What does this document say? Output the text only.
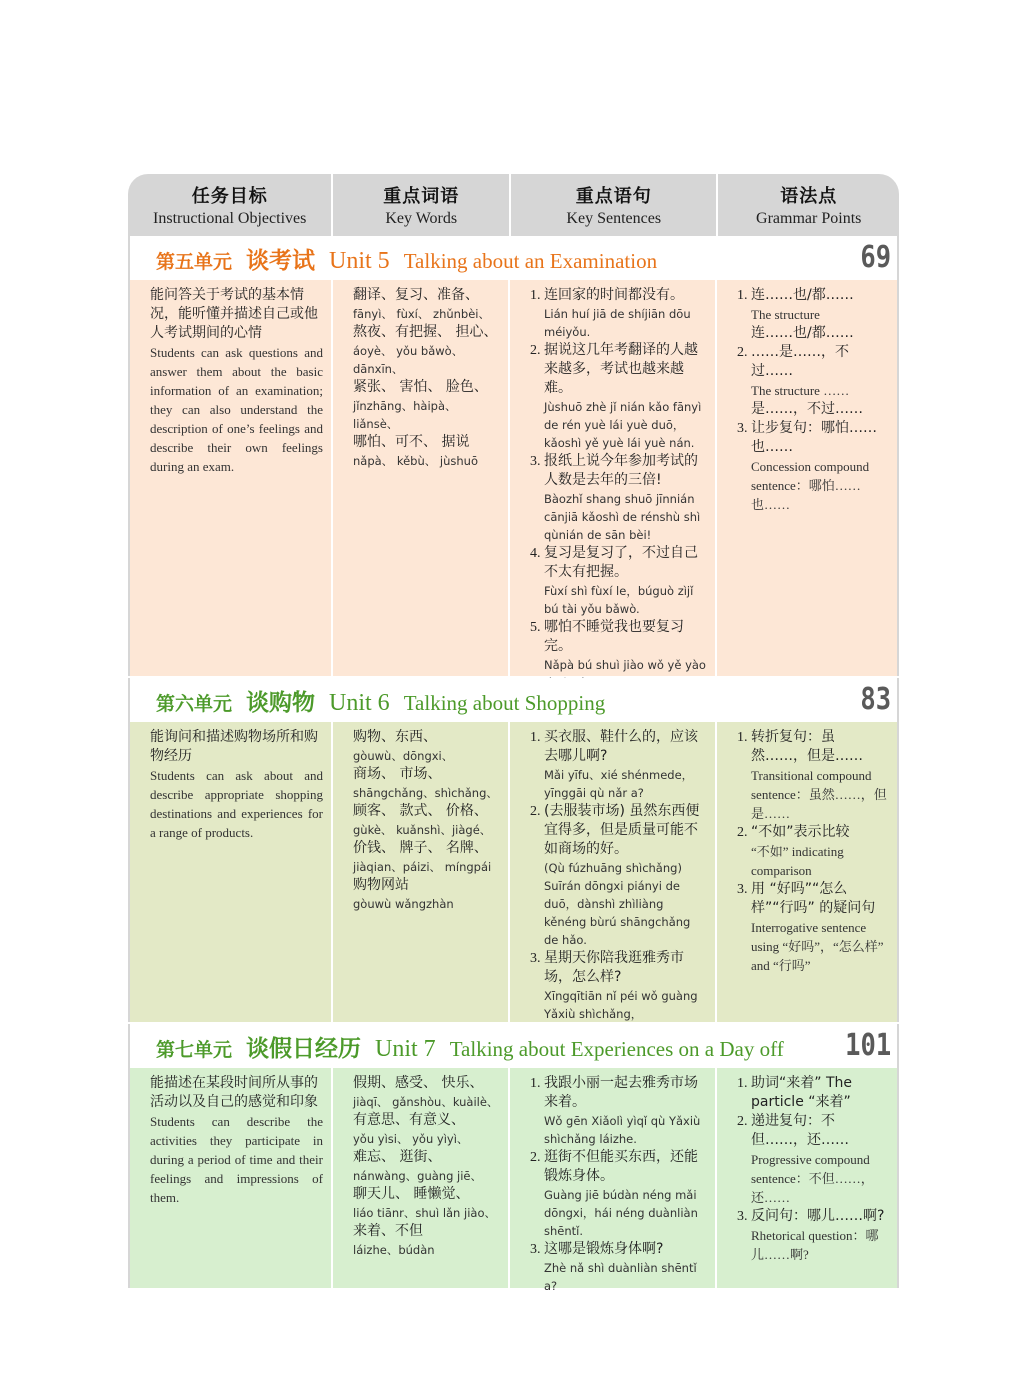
任务目标
Instructional Objectives
重点词语
Key Words
重点语句
Key Sentences
语法点
Grammar Points
第五单元 谈考试 Unit 5 Talking about an Examination	69
能问答关于考试的基本情况，能听懂并描述自己或他人考试期间的心情
Students can ask questions and answer them about the basic information of an examination; they can also understand the description of one’s feelings and describe their own feelings during an exam.
翻译、复习、准备、
fānyì、 fùxí、 zhǔnbèi、
熬夜、有把握、 担心、
áoyè、 yǒu bǎwò、dānxīn、
紧张、 害怕、 脸色、
jǐnzhāng、hàipà、liǎnsè、
哪怕、可不、 据说
nǎpà、 kěbù、 jùshuō
1. 连回家的时间都没有。
Lián huí jiā de shíjiān dōu méiyǒu.
2. 据说这几年考翻译的人越来越多，考试也越来越难。
Jùshuō zhè jǐ nián kǎo fānyì de rén yuè lái yuè duō，kǎoshì yě yuè lái yuè nán.
3. 报纸上说今年参加考试的人数是去年的三倍!
Bàozhǐ shang shuō jīnnián cānjiā kǎoshì de rénshù shì qùnián de sān bèi!
4. 复习是复习了，不过自己不太有把握。
Fùxí shì fùxí le，búguò zìjǐ bú tài yǒu bǎwò.
5. 哪怕不睡觉我也要复习完。
Nǎpà bú shuì jiào wǒ yě yào
1. 连……也/都……
The structure
连……也/都……
2. ……是……，不过……
The structure ……
是……，不过……
3. 让步复句：哪怕……也……
Concession compound sentence：哪怕……也……
第六单元 谈购物 Unit 6 Talking about Shopping	83
能询问和描述购物场所和购物经历
Students can ask about and describe appropriate shopping destinations and experiences for a range of products.
购物、东西、
gòuwù、dōngxi、
商场、 市场、
shāngchǎng、shìchǎng、
顾客、 款式、 价格、
gùkè、 kuǎnshì、jiàgé、
价钱、 牌子、 名牌、
jiàqian、páizi、 míngpái
购物网站
gòuwù wǎngzhàn
1. 买衣服、鞋什么的，应该去哪儿啊?
Mǎi yīfu、xié shénmede，yīnggāi qù nǎr a?
2. (去服装市场) 虽然东西便宜得多，但是质量可能不如商场的好。
(Qù fúzhuāng shìchǎng) Suīrán dōngxi piányi de duō，dànshì zhìliàng kěnéng bùrú shāngchǎng de hǎo.
3. 星期天你陪我逛雅秀市场，怎么样?
Xīngqītiān nǐ péi wǒ guàng Yǎxiù shìchǎng，
1. 转折复句：虽然……，但是……
Transitional compound sentence：虽然……，但是……
2. “不如”表示比较
“不如” indicating comparison
3. 用 “好吗”“怎么样”“行吗” 的疑问句
Interrogative sentence using “好吗”，“怎么样” and “行吗”
第七单元 谈假日经历 Unit 7 Talking about Experiences on a Day off 101
能描述在某段时间所从事的活动以及自己的感觉和印象
Students can describe the activities they participate in during a period of time and their feelings and impressions of them.
假期、感受、 快乐、
jiàqī、 gǎnshòu、kuàilè、
有意思、有意义、
yǒu yìsi、 yǒu yìyì、
难忘、 逛街、
nánwàng、guàng jiē、
聊天儿、 睡懒觉、
liáo tiānr、shuì lǎn jiào、
来着、不但
láizhe、búdàn
1. 我跟小丽一起去雅秀市场来着。
Wǒ gēn Xiǎolì yìqǐ qù Yǎxiù shìchǎng láizhe.
2. 逛街不但能买东西，还能锻炼身体。
Guàng jiē búdàn néng mǎi dōngxi，hái néng duànliàn shēntǐ.
3. 这哪是锻炼身体啊?
Zhè nǎ shì duànliàn shēntǐ a?
1. 助词“来着” The particle “来着”
2. 递进复句：不但……，还……
Progressive compound sentence：不但……，还……
3. 反问句：哪儿……啊?
Rhetorical question：哪儿……啊?
